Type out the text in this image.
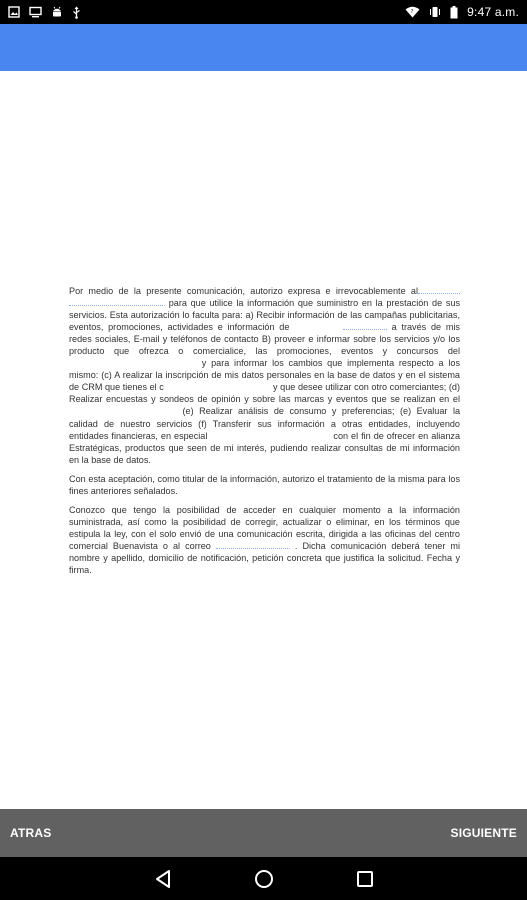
?	9:47 a.m.

Por medio de la presente comunicación, autorizo expresa e irrevocablemente al  para que utilice la información que suministro en la prestación de sus servicios. Esta autorización lo faculta para: a) Recibir información de las campañas publicitarias, eventos, promociones, actividades e información de	a través de mis redes sociales, E-mail y teléfonos de contacto B) proveer e informar sobre los servicios y/o los producto que ofrezca o comercialice, las promociones, eventos y concursos del  y para informar los cambios que implementa respecto a los mismo: (c) A realizar la inscripción de mis datos personales en la base de datos y en el sistema de CRM que tienes el c	y que desee utilizar con otro comerciantes; (d) Realizar encuestas y sondeos de opinión y sobre las marcas y eventos que se realizan en el  (e) Realizar análisis de consumo y preferencias; (e) Evaluar la calidad de nuestro servicios (f) Transferir sus información a otras entidades, incluyendo entidades financieras, en especial	con el fin de ofrecer en alianza Estratégicas, productos que seen de mi interés, pudiendo realizar consultas de mi información en la base de datos.

Con esta aceptación, como titular de la información, autorizo el tratamiento de la misma para los fines anteriores señalados.

Conozco que tengo la posibilidad de acceder en cualquier momento a la información suministrada, así como la posibilidad de corregir, actualizar o eliminar, en los términos que estipula la ley, con el solo envió de una comunicación escrita, dirigida a las oficinas del centro comercial Buenavista o al correo	. Dicha comunicación deberá tener mi nombre y apellido, domicilio de notificación, petición concreta que justifica la solicitud. Fecha y firma.

ATRAS	SIGUIENTE
